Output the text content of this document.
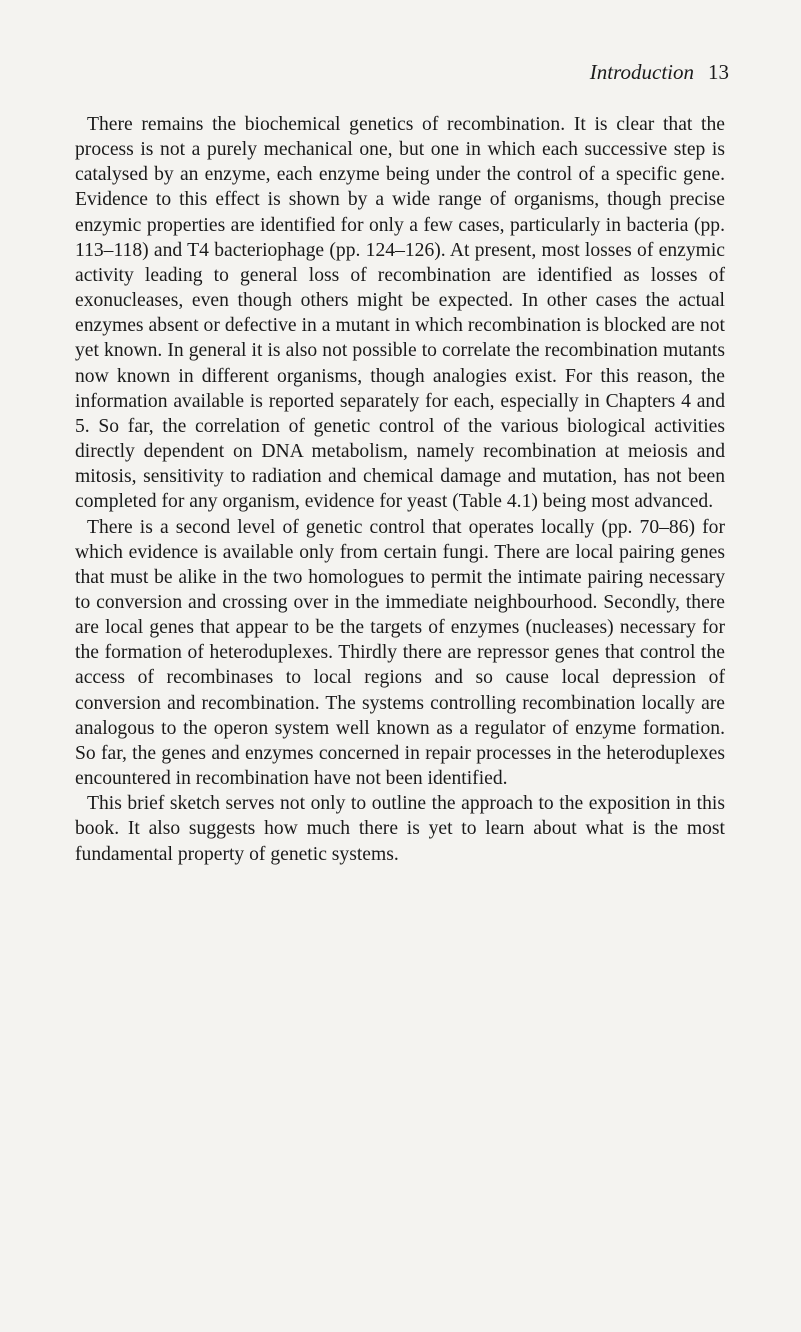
Introduction 13

There remains the biochemical genetics of recombination. It is clear that the process is not a purely mechanical one, but one in which each successive step is catalysed by an enzyme, each enzyme being under the control of a specific gene. Evidence to this effect is shown by a wide range of organisms, though precise enzymic properties are identified for only a few cases, particularly in bacteria (pp. 113–118) and T4 bacteriophage (pp. 124–126). At present, most losses of enzymic activity leading to general loss of recombination are identified as losses of exonucleases, even though others might be expected. In other cases the actual enzymes absent or defective in a mutant in which recombination is blocked are not yet known. In general it is also not possible to correlate the recombination mutants now known in different organisms, though analogies exist. For this reason, the information available is reported separately for each, especially in Chapters 4 and 5. So far, the correlation of genetic control of the various biological activities directly dependent on DNA metabolism, namely recombination at meiosis and mitosis, sensitivity to radiation and chemical damage and mutation, has not been completed for any organism, evidence for yeast (Table 4.1) being most advanced.

There is a second level of genetic control that operates locally (pp. 70–86) for which evidence is available only from certain fungi. There are local pairing genes that must be alike in the two homologues to permit the intimate pairing necessary to conversion and crossing over in the immediate neighbourhood. Secondly, there are local genes that appear to be the targets of enzymes (nucleases) necessary for the formation of heteroduplexes. Thirdly there are repressor genes that control the access of recombinases to local regions and so cause local depression of conversion and recombination. The systems controlling recombination locally are analogous to the operon system well known as a regulator of enzyme formation. So far, the genes and enzymes concerned in repair processes in the heteroduplexes encountered in recombination have not been identified.

This brief sketch serves not only to outline the approach to the exposition in this book. It also suggests how much there is yet to learn about what is the most fundamental property of genetic systems.
